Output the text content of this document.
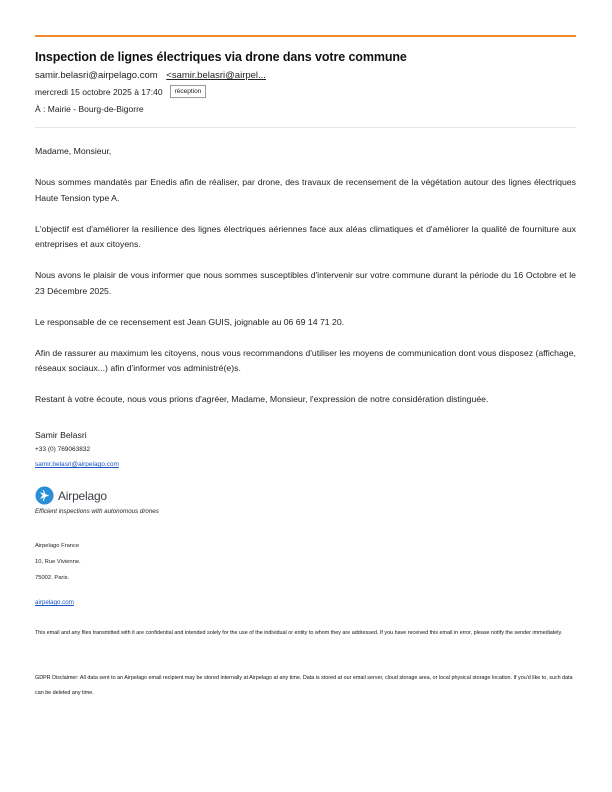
Inspection de lignes électriques via drone dans votre commune
samir.belasri@airpelago.com <samir.belasri@airpel...
mercredi 15 octobre 2025 à 17:40	réception
À : Mairie - Bourg-de-Bigorre

Madame, Monsieur,

Nous sommes mandatés par Enedis afin de réaliser, par drone, des travaux de recensement de la végétation autour des lignes électriques Haute Tension type A.

L'objectif est d'améliorer la resilience des lignes électriques aériennes face aux aléas climatiques et d'améliorer la qualité de fourniture aux entreprises et aux citoyens.

Nous avons le plaisir de vous informer que nous sommes susceptibles d'intervenir sur votre commune durant la période du 16 Octobre et le 23 Décembre 2025.

Le responsable de ce recensement est Jean GUIS, joignable au 06 69 14 71 20.

Afin de rassurer au maximum les citoyens, nous vous recommandons d'utiliser les moyens de communication dont vous disposez (affichage, réseaux sociaux...) afin d'informer vos administré(e)s.

Restant à votre écoute, nous vous prions d'agréer, Madame, Monsieur, l'expression de notre considération distinguée.

Samir Belasri
+33 (0) 769063832
samir.belasri@airpelago.com
Airpelago
Efficient inspections with autonomous drones
Airpelago France
10, Rue Vivienne.
75002. Paris.
airpelago.com
This email and any files transmitted with it are confidential and intended solely for the use of the individual or entity to whom they are addressed. If you have received this email in error, please notify the sender immediately.
GDPR Disclaimer: All data sent to an Airpelago email recipient may be stored internally at Airpelago at any time. Data is stored at our email server, cloud storage area, or local physical storage location. If you'd like to, such data can be deleted any time.
